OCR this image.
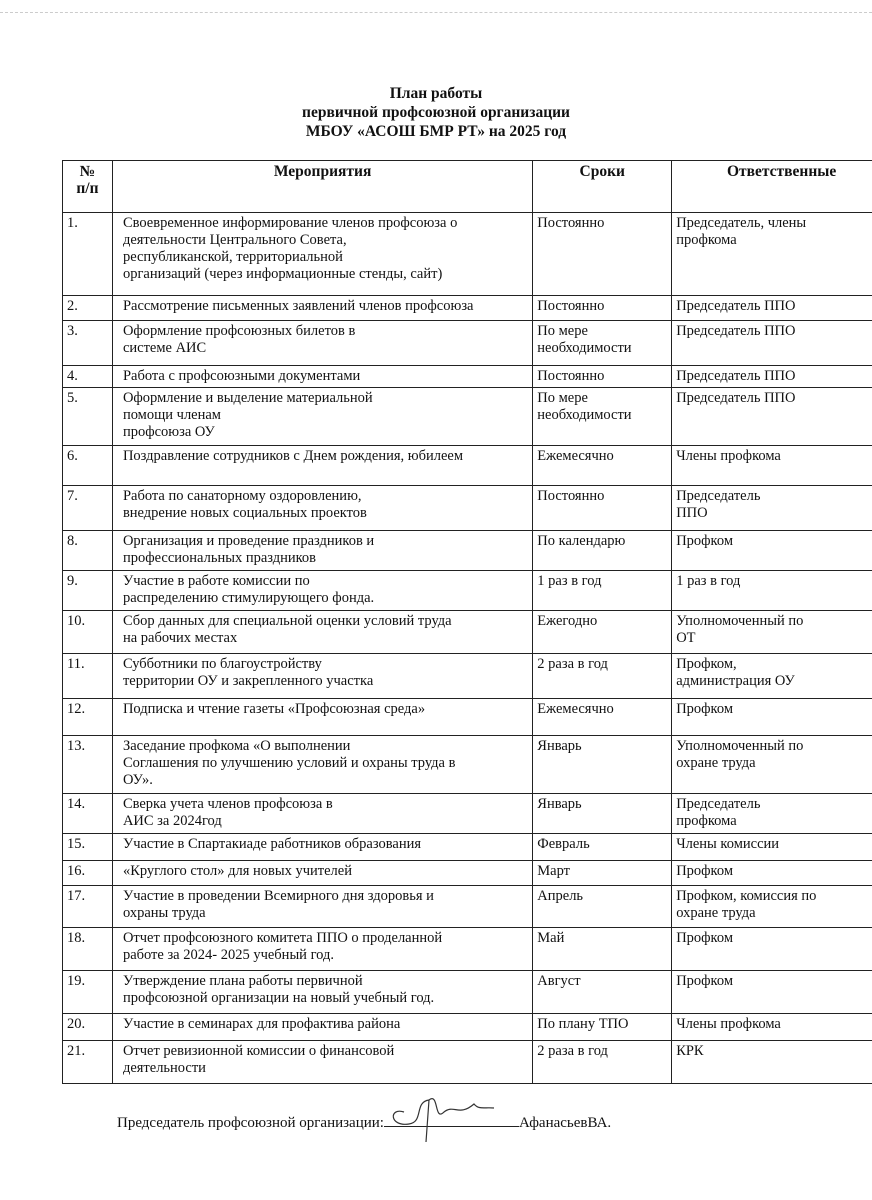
План работы
первичной профсоюзной организации
МБОУ «АСОШ БМР РТ» на 2025 год
№
п/п	Мероприятия	Сроки	Ответственные
1.	Своевременное информирование членов профсоюза о
деятельности Центрального Совета,
республиканской, территориальной
организаций (через информационные стенды, сайт)	Постоянно	Председатель, члены
профкома
2.	Рассмотрение письменных заявлений членов профсоюза	Постоянно	Председатель ППО
3.	Оформление профсоюзных билетов в
системе АИС	По мере
необходимости	Председатель ППО
4.	Работа с профсоюзными документами	Постоянно	Председатель ППО
5.	Оформление и выделение материальной
помощи членам
профсоюза ОУ	По мере
необходимости	Председатель ППО
6.	Поздравление сотрудников с Днем рождения, юбилеем	Ежемесячно	Члены профкома
7.	Работа по санаторному оздоровлению,
внедрение новых социальных проектов	Постоянно	Председатель
ППО
8.	Организация и проведение праздников и
профессиональных праздников	По календарю	Профком
9.	Участие в работе комиссии по
распределению стимулирующего фонда.	1 раз в год	1 раз в год
10.	Сбор данных для специальной оценки условий труда
на рабочих местах	Ежегодно	Уполномоченный по
ОТ
11.	Субботники по благоустройству
территории ОУ и закрепленного участка	2 раза в год	Профком,
администрация ОУ
12.	Подписка и чтение газеты «Профсоюзная среда»	Ежемесячно	Профком
13.	Заседание профкома «О выполнении
Соглашения по улучшению условий и охраны труда в
ОУ».	Январь	Уполномоченный по
охране труда
14.	Сверка учета членов профсоюза в
АИС за 2024год	Январь	Председатель
профкома
15.	Участие в Спартакиаде работников образования	Февраль	Члены комиссии
16.	«Круглого стол» для новых учителей	Март	Профком
17.	Участие в проведении Всемирного дня здоровья и
охраны труда	Апрель	Профком, комиссия по
охране труда
18.	Отчет профсоюзного комитета ППО о проделанной
работе за 2024- 2025 учебный год.	Май	Профком
19.	Утверждение плана работы первичной
профсоюзной организации на новый учебный год.	Август	Профком
20.	Участие в семинарах для профактива района	По плану ТПО	Члены профкома
21.	Отчет ревизионной комиссии о финансовой
деятельности	2 раза в год	КРК
Председатель профсоюзной организации:	АфанасьевВА.
